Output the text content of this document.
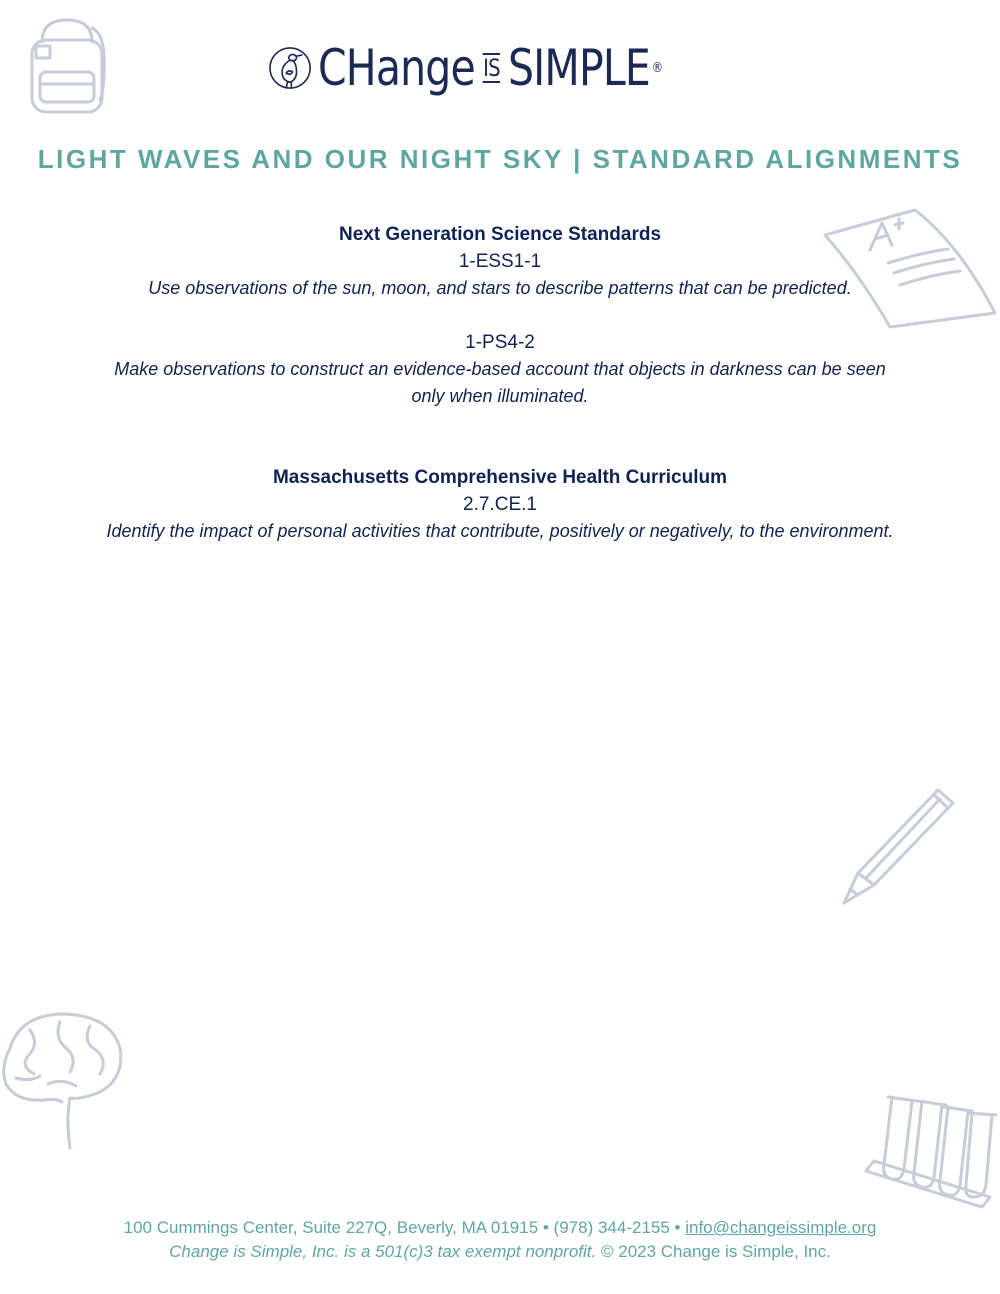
CHange IS SIMPLE ®
LIGHT WAVES AND OUR NIGHT SKY | STANDARD ALIGNMENTS
Next Generation Science Standards
1-ESS1-1
Use observations of the sun, moon, and stars to describe patterns that can be predicted.
1-PS4-2
Make observations to construct an evidence-based account that objects in darkness can be seen only when illuminated.
Massachusetts Comprehensive Health Curriculum
2.7.CE.1
Identify the impact of personal activities that contribute, positively or negatively, to the environment.
100 Cummings Center, Suite 227Q, Beverly, MA 01915 • (978) 344-2155 • info@changeissimple.org
Change is Simple, Inc. is a 501(c)3 tax exempt nonprofit. © 2023 Change is Simple, Inc.
